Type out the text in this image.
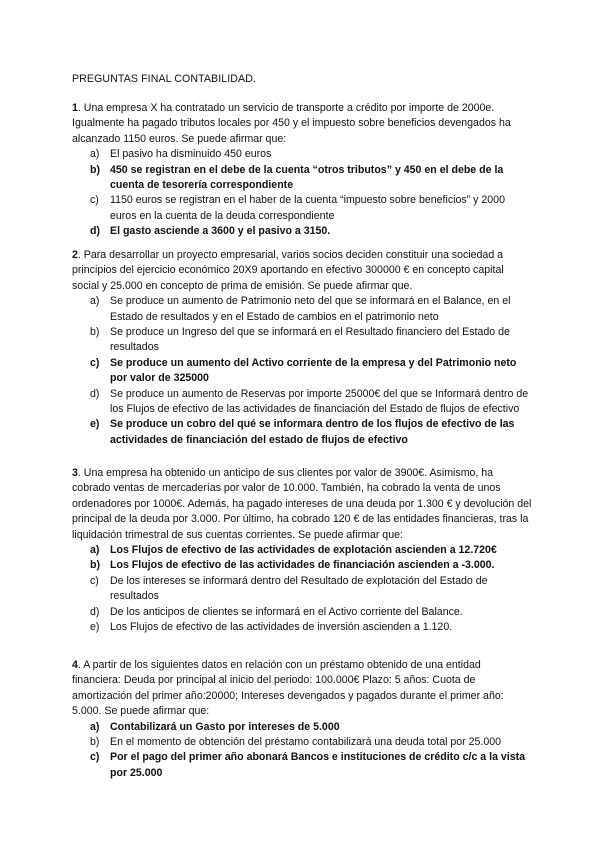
PREGUNTAS FINAL CONTABILIDAD.

1. Una empresa X ha contratado un servicio de transporte a crédito por importe de 2000e. Igualmente ha pagado tributos locales por 450 y el impuesto sobre beneficios devengados ha alcanzado 1150 euros. Se puede afirmar que:

a) El pasivo ha disminuido 450 euros
b) 450 se registran en el debe de la cuenta “otros tributos” y 450 en el debe de la cuenta de tesorería correspondiente
c) 1150 euros se registran en el haber de la cuenta “impuesto sobre beneficios” y 2000 euros en la cuenta de la deuda correspondiente
d) El gasto asciende a 3600 y el pasivo a 3150.

2. Para desarrollar un proyecto empresarial, varios socios deciden constituir una sociedad a principios del ejercicio económico 20X9 aportando en efectivo 300000 € en concepto capital social y 25.000 en concepto de prima de emisión. Se puede afirmar que.

a) Se produce un aumento de Patrimonio neto del que se informará en el Balance, en el Estado de resultados y en el Estado de cambios en el patrimonio neto
b) Se produce un Ingreso del que se informará en el Resultado financiero del Estado de resultados
c) Se produce un aumento del Activo corriente de la empresa y del Patrimonio neto por valor de 325000
d) Se produce un aumento de Reservas por importe 25000€ del que se Informará dentro de los Flujos de efectivo de las actividades de financiación del Estado de flujos de efectivo
e) Se produce un cobro del qué se informara dentro de los flujos de efectivo de las actividades de financiación del estado de flujos de efectivo

3. Una empresa ha obtenido un anticipo de sus clientes por valor de 3900€. Asimismo, ha cobrado ventas de mercaderías por valor de 10.000. También, ha cobrado la venta de unos ordenadores por 1000€. Además, ha pagado intereses de una deuda por 1.300 € y devolución del principal de la deuda por 3.000. Por último, ha cobrado 120 € de las entidades financieras, tras la liquidación trimestral de sus cuentas corrientes. Se puede afirmar que:

a) Los Flujos de efectivo de las actividades de explotación ascienden a 12.720€
b) Los Flujos de efectivo de las actividades de financiación ascienden a -3.000.
c) De los intereses se informará dentro del Resultado de explotación del Estado de resultados
d) De los anticipos de clientes se informará en el Activo corriente del Balance.
e) Los Flujos de efectivo de las actividades de inversión ascienden a 1.120.

4. A partir de los siguientes datos en relación con un préstamo obtenido de una entidad financiera: Deuda por principal al inicio del periodo: 100.000€ Plazo: 5 años: Cuota de amortización del primer año:20000; Intereses devengados y pagados durante el primer año: 5.000. Se puede afirmar que:

a) Contabilizará un Gasto por intereses de 5.000
b) En el momento de obtención del préstamo contabilizará una deuda total por 25.000
c) Por el pago del primer año abonará Bancos e instituciones de crédito c/c a la vista por 25.000
